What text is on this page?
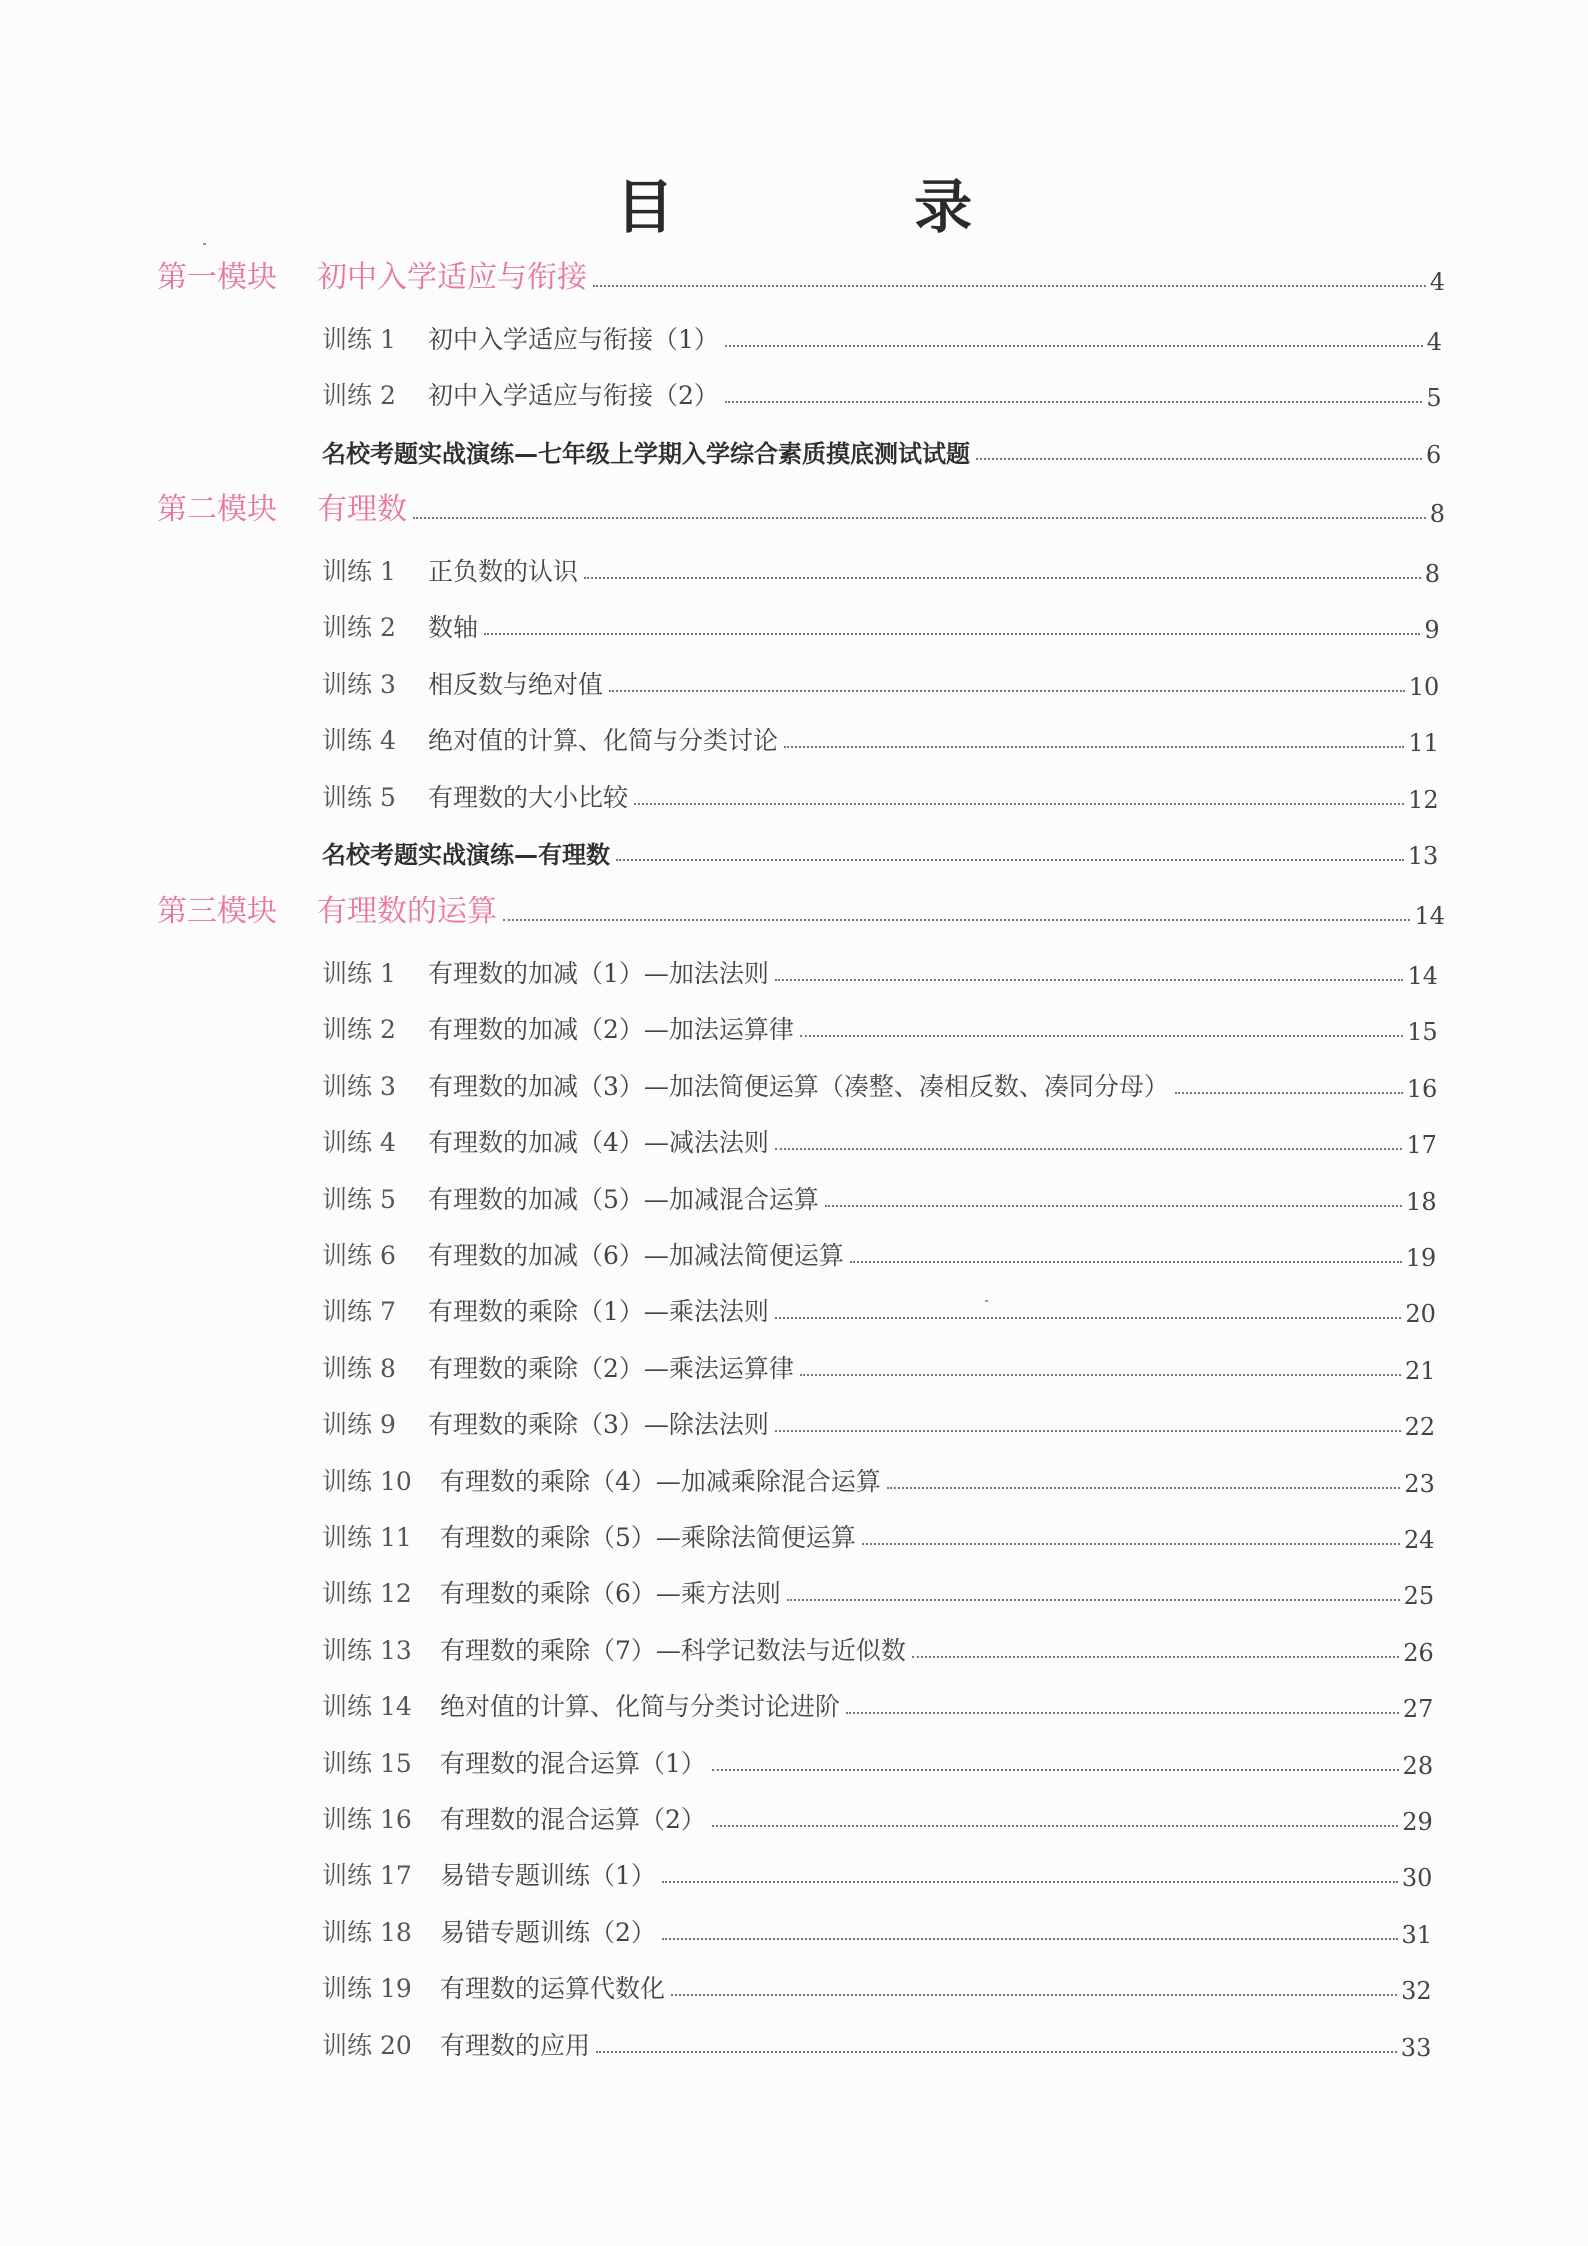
目 录
第一模块	初中入学适应与衔接	4
训练 1	初中入学适应与衔接（1）	4
训练 2	初中入学适应与衔接（2）	5
名校考题实战演练—七年级上学期入学综合素质摸底测试试题	6
第二模块	有理数	8
训练 1	正负数的认识	8
训练 2	数轴	9
训练 3	相反数与绝对值	10
训练 4	绝对值的计算、化简与分类讨论	11
训练 5	有理数的大小比较	12
名校考题实战演练—有理数	13
第三模块	有理数的运算	14
训练 1	有理数的加减（1）—加法法则	14
训练 2	有理数的加减（2）—加法运算律	15
训练 3	有理数的加减（3）—加法简便运算（凑整、凑相反数、凑同分母）	16
训练 4	有理数的加减（4）—减法法则	17
训练 5	有理数的加减（5）—加减混合运算	18
训练 6	有理数的加减（6）—加减法简便运算	19
训练 7	有理数的乘除（1）—乘法法则	20
训练 8	有理数的乘除（2）—乘法运算律	21
训练 9	有理数的乘除（3）—除法法则	22
训练 10	有理数的乘除（4）—加减乘除混合运算	23
训练 11	有理数的乘除（5）—乘除法简便运算	24
训练 12	有理数的乘除（6）—乘方法则	25
训练 13	有理数的乘除（7）—科学记数法与近似数	26
训练 14	绝对值的计算、化简与分类讨论进阶	27
训练 15	有理数的混合运算（1）	28
训练 16	有理数的混合运算（2）	29
训练 17	易错专题训练（1）	30
训练 18	易错专题训练（2）	31
训练 19	有理数的运算代数化	32
训练 20	有理数的应用	33
